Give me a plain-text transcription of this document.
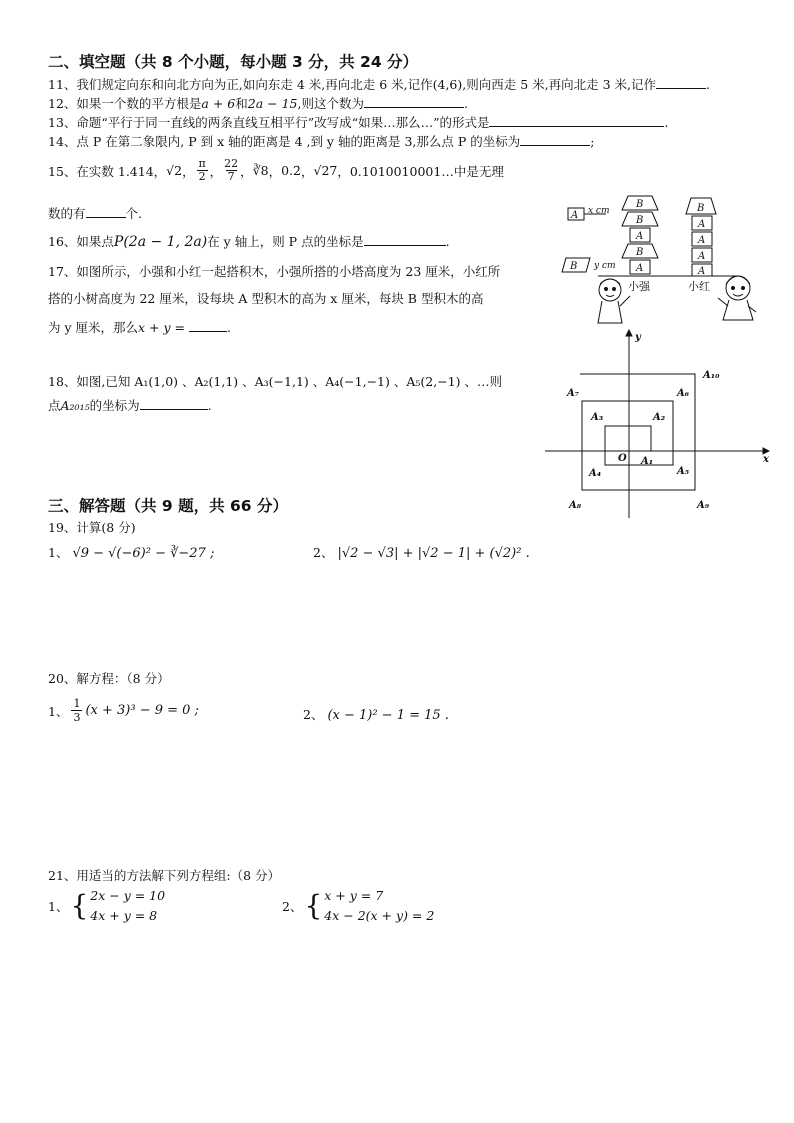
二、填空题（共 8 个小题，每小题 3 分，共 24 分）
11、我们规定向东和向北方向为正,如向东走 4 米,再向北走 6 米,记作(4,6),则向西走 5 米,再向北走 3 米,记作	.
12、如果一个数的平方根是a + 6和2a − 15,则这个数为	.
13、命题“平行于同一直线的两条直线互相平行”改写成“如果…那么…”的形式是	.
14、点 P 在第二象限内, P 到 x 轴的距离是 4 ,到 y 轴的距离是 3,那么点 P 的坐标为	;
15、在实数 1.414， √2 ， $\frac{\pi}{2}$ ， $\frac{22}{7}$ ， ∛8 ， 0.2̇ ， √27 ，0.1010010001…中是无理
数的有	个.
16、如果点P(2a − 1, 2a)在 y 轴上，则 P 点的坐标是	.
17、如图所示，小强和小红一起搭积木，小强所搭的小塔高度为 23 厘米，小红所
搭的小树高度为 22 厘米，设每块 A 型积木的高为 x 厘米，每块 B 型积木的高
为 y 厘米，那么x + y =	.
18、如图,已知 A₁(1,0) 、A₂(1,1) 、A₃(−1,1) 、A₄(−1,−1) 、A₅(2,−1) 、…则
点A₂₀₁₅的坐标为	.
A x cm
B y cm
B
B
A
B
A
B
A
A
A
A
小强	小红
x
y
O A₁
A₂
A₃
A₄	A₅
A₆
A₇
A₈	A₉
A₁₀
三、解答题（共 9 题，共 66 分）
19、计算(8 分)
1、 √9 − √(−6)² − ∛−27 ;	2、 |√2 − √3| + |√2 − 1| + (√2)² .
20、解方程：（8 分）
1、 $\frac{1}{3} (x + 3)^3 - 9 = 0$ ;	2、 (x − 1)² − 1 = 15 .
21、用适当的方法解下列方程组:（8 分）
1、 { 2x − y = 10
4x + y = 8
2、 { x + y = 7
4x − 2(x + y) = 2
